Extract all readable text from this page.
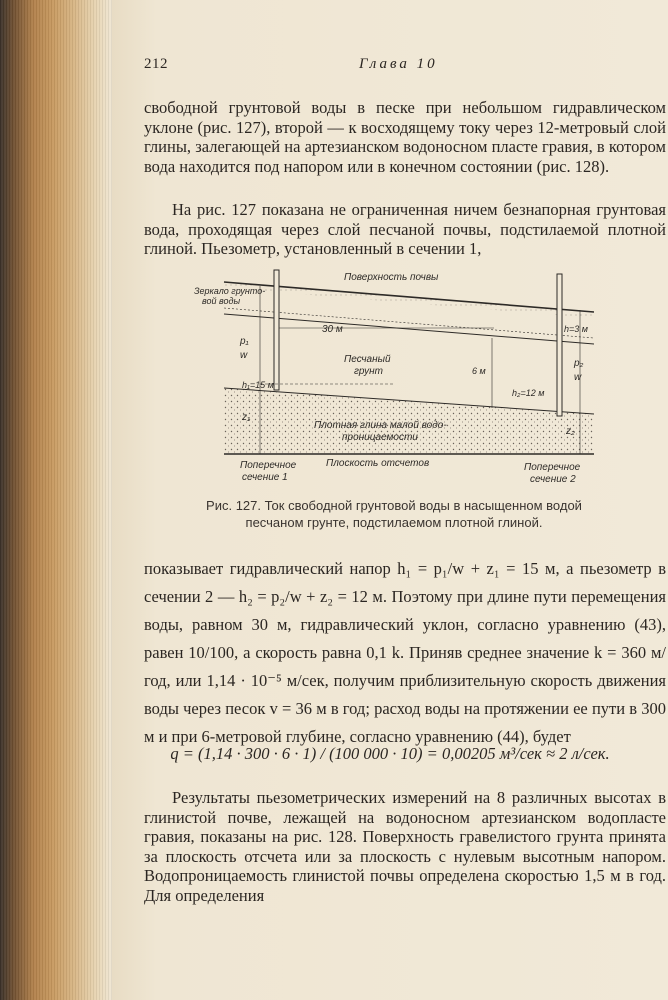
212	Глава 10

свободной грунтовой воды в песке при небольшом гидравлическом уклоне (рис. 127), второй — к восходящему току через 12-метровый слой глины, залегающей на артезианском водоносном пласте гравия, в котором вода находится под напором или в конечном состоянии (рис. 128).

На рис. 127 показана не ограниченная ничем безнапорная грунтовая вода, проходящая через слой песчаной почвы, подстилаемой плотной глиной. Пьезометр, установленный в сечении 1,

Поверхность почвы
Зеркало грунто-
вой воды
30 м
p₁
w	Песчаный
грунт
h₁=15 м
z₁
Плотная глина малой водо-
проницаемости
Поперечное
сечение 1
Плоскость отсчетов
h=3 м
p₂
w
6 м
h₂=12 м
z₂
Поперечное
сечение 2
Рис. 127. Ток свободной грунтовой воды в насыщенном водой песчаном грунте, подстилаемом плотной глиной.

показывает гидравлический напор h₁ = p₁/w + z₁ = 15 м, а пьезометр в сечении 2 — h₂ = p₂/w + z₂ = 12 м. Поэтому при длине пути перемещения воды, равном 30 м, гидравлический уклон, согласно уравнению (43), равен 10/100, а скорость равна 0,1 k. Приняв среднее значение k = 360 м/год, или 1,14 · 10⁻⁵ м/сек, получим приблизительную скорость движения воды через песок v = 36 м в год; расход воды на протяжении ее пути в 300 м и при 6-метровой глубине, согласно уравнению (44), будет

q = (1,14 · 300 · 6 · 1) / (100 000 · 10) = 0,00205 м³/сек ≈ 2 л/сек.

Результаты пьезометрических измерений на 8 различных высотах в глинистой почве, лежащей на водоносном артезианском водопласте гравия, показаны на рис. 128. Поверхность гравелистого грунта принята за плоскость отсчета или за плоскость с нулевым высотным напором. Водопроницаемость глинистой почвы определена скоростью 1,5 м в год. Для определения
